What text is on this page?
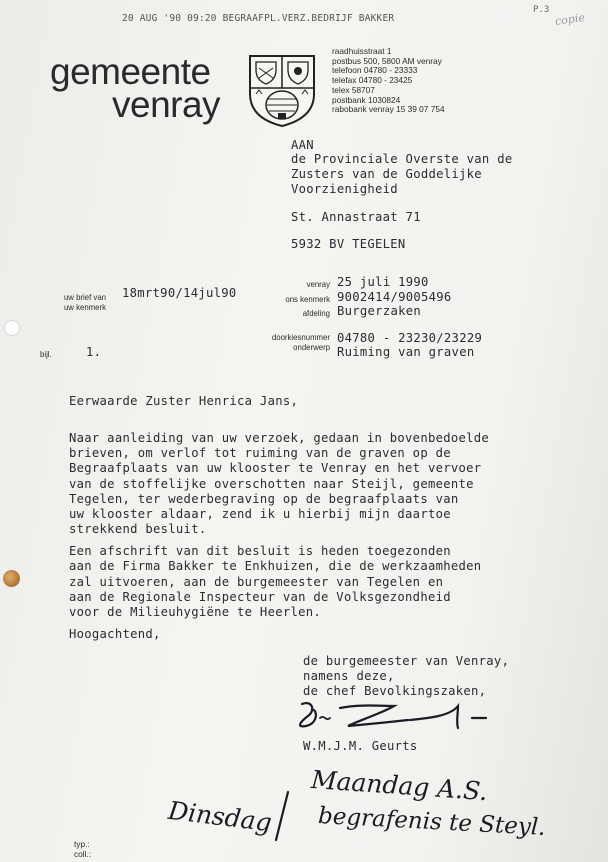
20 AUG '90 09:20 BEGRAAFPL.VERZ.BEDRIJF BAKKER
P.3
copie
gemeente
venray
raadhuisstraat 1
postbus 500, 5800 AM venray
telefoon 04780 - 23333
telefax 04780 - 23425
telex 58707
postbank 1030824
rabobank venray 15 39 07 754
AAN
de Provinciale Overste van de
Zusters van de Goddelijke
Voorzienigheid
St. Annastraat 71
5932 BV TEGELEN
uw brief van
uw kenmerk
18mrt90/14jul90
venray 25 juli 1990
ons kenmerk 9002414/9005496
afdeling Burgerzaken
doorkiesnummer 04780 - 23230/23229
onderwerp Ruiming van graven
bijl.	1.
Eerwaarde Zuster Henrica Jans,
Naar aanleiding van uw verzoek, gedaan in bovenbedoelde
brieven, om verlof tot ruiming van de graven op de
Begraafplaats van uw klooster te Venray en het vervoer
van de stoffelijke overschotten naar Steijl, gemeente
Tegelen, ter wederbegraving op de begraafplaats van
uw klooster aldaar, zend ik u hierbij mijn daartoe
strekkend besluit.
Een afschrift van dit besluit is heden toegezonden
aan de Firma Bakker te Enkhuizen, die de werkzaamheden
zal uitvoeren, aan de burgemeester van Tegelen en
aan de Regionale Inspecteur van de Volksgezondheid
voor de Milieuhygiëne te Heerlen.
Hoogachtend,
de burgemeester van Venray,
namens deze,
de chef Bevolkingszaken,
W.M.J.M. Geurts
Dinsdag
Maandag A.S.
begrafenis te Steyl.
typ.:
coll.:
